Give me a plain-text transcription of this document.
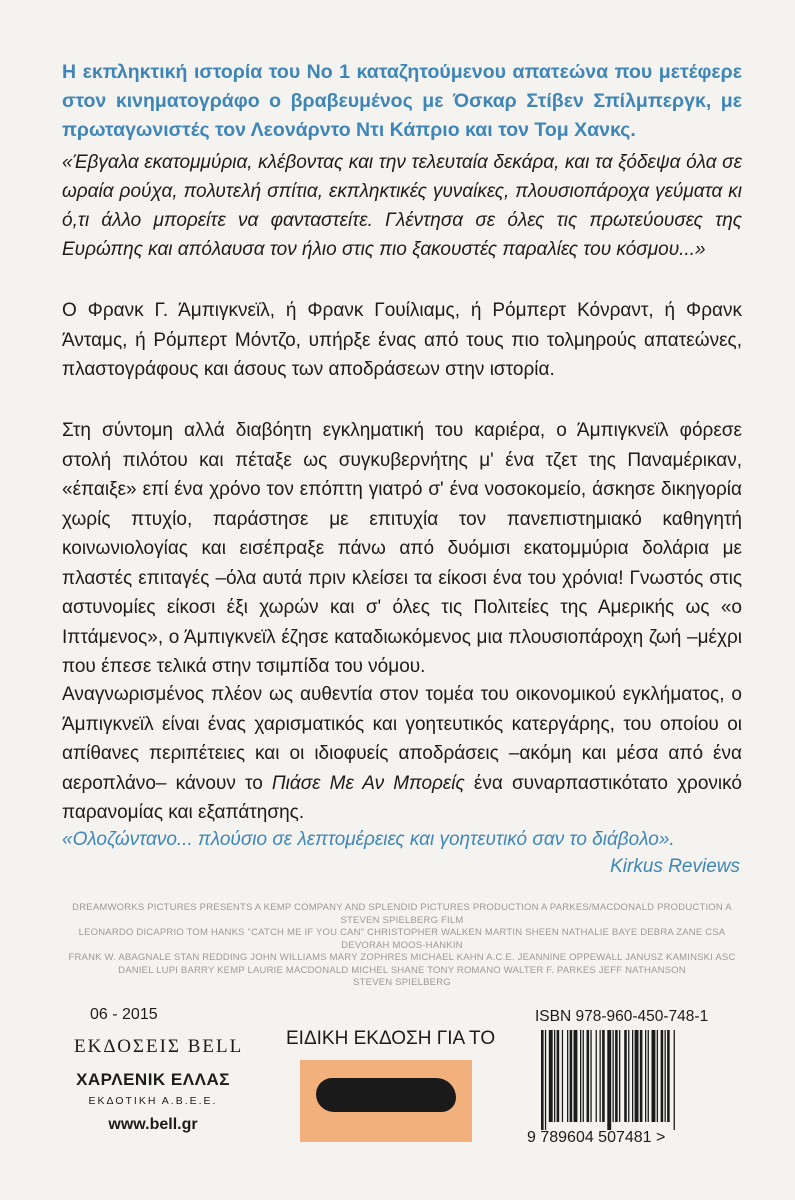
Η εκπληκτική ιστορία του Νο 1 καταζητούμενου απατεώνα που μετέφερε στον κινηματογράφο ο βραβευμένος με Όσκαρ Στίβεν Σπίλμπεργκ, με πρωταγωνιστές τον Λεονάρντο Ντι Κάπριο και τον Τομ Χανκς.

«Έβγαλα εκατομμύρια, κλέβοντας και την τελευταία δεκάρα, και τα ξόδεψα όλα σε ωραία ρούχα, πολυτελή σπίτια, εκπληκτικές γυναίκες, πλουσιοπάροχα γεύματα κι ό,τι άλλο μπορείτε να φανταστείτε. Γλέντησα σε όλες τις πρωτεύουσες της Ευρώπης και απόλαυσα τον ήλιο στις πιο ξακουστές παραλίες του κόσμου...»

Ο Φρανκ Γ. Άμπιγκνεϊλ, ή Φρανκ Γουίλιαμς, ή Ρόμπερτ Κόνραντ, ή Φρανκ Άνταμς, ή Ρόμπερτ Μόντζο, υπήρξε ένας από τους πιο τολμηρούς απατεώνες, πλαστογράφους και άσους των αποδράσεων στην ιστορία.

Στη σύντομη αλλά διαβόητη εγκληματική του καριέρα, ο Άμπιγκνεϊλ φόρεσε στολή πιλότου και πέταξε ως συγκυβερνήτης μ' ένα τζετ της Παναμέρικαν, «έπαιξε» επί ένα χρόνο τον επόπτη γιατρό σ' ένα νοσοκομείο, άσκησε δικηγορία χωρίς πτυχίο, παράστησε με επιτυχία τον πανεπιστημιακό καθηγητή κοινωνιολογίας και εισέπραξε πάνω από δυόμισι εκατομμύρια δολάρια με πλαστές επιταγές –όλα αυτά πριν κλείσει τα είκοσι ένα του χρόνια! Γνωστός στις αστυνομίες είκοσι έξι χωρών και σ' όλες τις Πολιτείες της Αμερικής ως «ο Ιπτάμενος», ο Άμπιγκνεϊλ έζησε καταδιωκόμενος μια πλουσιοπάροχη ζωή –μέχρι που έπεσε τελικά στην τσιμπίδα του νόμου.

Αναγνωρισμένος πλέον ως αυθεντία στον τομέα του οικονομικού εγκλήματος, ο Άμπιγκνεϊλ είναι ένας χαρισματικός και γοητευτικός κατεργάρης, του οποίου οι απίθανες περιπέτειες και οι ιδιοφυείς αποδράσεις –ακόμη και μέσα από ένα αεροπλάνο– κάνουν το Πιάσε Με Αν Μπορείς ένα συναρπαστικότατο χρονικό παρανομίας και εξαπάτησης.

«Ολοζώντανο... πλούσιο σε λεπτομέρειες και γοητευτικό σαν το διάβολο».

Kirkus Reviews

DREAMWORKS PICTURES PRESENTS A KEMP COMPANY AND SPLENDID PICTURES PRODUCTION A PARKES/MACDONALD PRODUCTION A STEVEN SPIELBERG FILM
LEONARDO DICAPRIO TOM HANKS "CATCH ME IF YOU CAN" CHRISTOPHER WALKEN MARTIN SHEEN NATHALIE BAYE DEBRA ZANE CSA DEVORAH MOOS-HANKIN
FRANK W. ABAGNALE STAN REDDING JOHN WILLIAMS MARY ZOPHRES MICHAEL KAHN A.C.E. JEANNINE OPPEWALL JANUSZ KAMINSKI ASC
DANIEL LUPI BARRY KEMP LAURIE MACDONALD MICHEL SHANE TONY ROMANO WALTER F. PARKES JEFF NATHANSON
STEVEN SPIELBERG

06 - 2015

ΕΚΔΟΣΕΙΣ BELL

ΧΑΡΛΕΝΙΚ ΕΛΛΑΣ

ΕΚΔΟΤΙΚΗ Α.Β.Ε.Ε.

www.bell.gr

ΕΙΔΙΚΗ ΕΚΔΟΣΗ ΓΙΑ ΤΟ

ISBN 978-960-450-748-1

9 789604 507481 >
